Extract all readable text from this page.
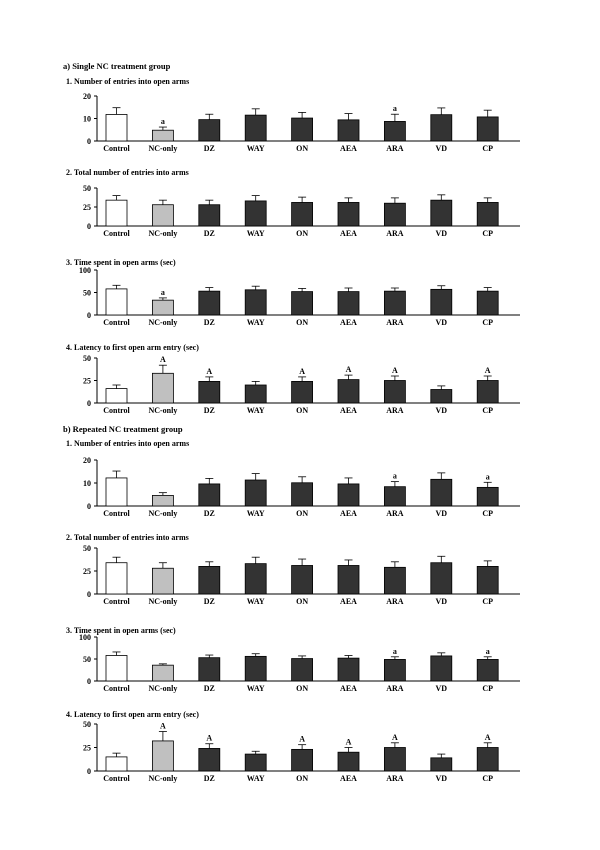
a) Single NC treatment group
b) Repeated NC treatment group
1. Number of entries into open arms
0
10
20
Control
a
NC-only	DZ	WAY	ON	AEA
a
ARA	VD	CP
2. Total number of entries into arms
0
25
50
Control NC-only	DZ	WAY	ON	AEA	ARA	VD	CP
3. Time spent in open arms (sec)
0
50
100
Control
a
NC-only	DZ	WAY	ON	AEA	ARA	VD	CP
4. Latency to first open arm entry (sec)
0
25
50
Control
A
NC-only
A
DZ	WAY
A
ON
A
AEA
A
ARA	VD
A
CP
1. Number of entries into open arms
0
10
20
Control NC-only	DZ	WAY	ON	AEA
a
ARA	VD
a
CP
2. Total number of entries into arms
0
25
50
Control NC-only	DZ	WAY	ON	AEA	ARA	VD	CP
3. Time spent in open arms (sec)
0
50
100
Control NC-only	DZ	WAY	ON	AEA
a
ARA	VD
a
CP
4. Latency to first open arm entry (sec)
0
25
50
Control
A
NC-only
A
DZ	WAY
A
ON
A
AEA
A
ARA	VD
A
CP
